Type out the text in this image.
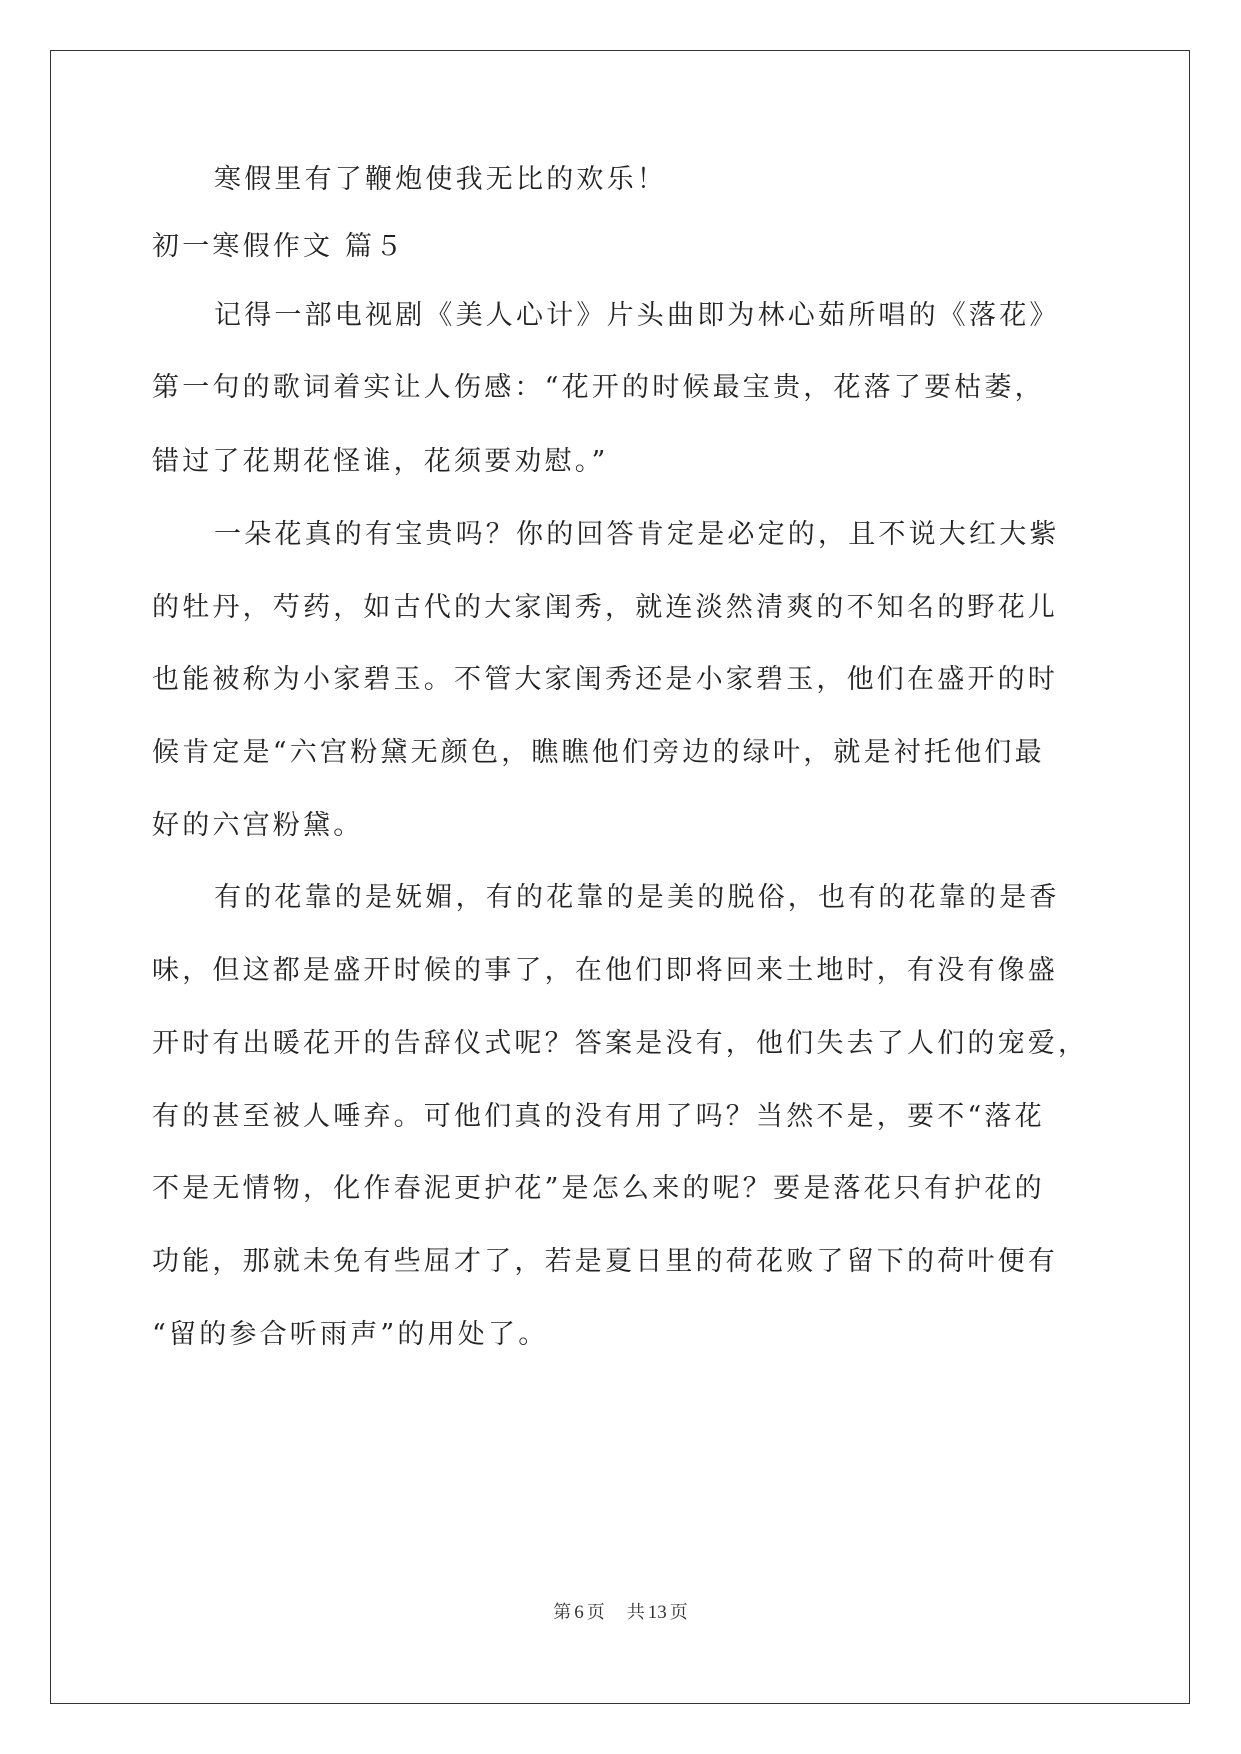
寒假里有了鞭炮使我无比的欢乐！
初一寒假作文 篇５
记得一部电视剧《美人心计》片头曲即为林心茹所唱的《落花》
第一句的歌词着实让人伤感：“花开的时候最宝贵，花落了要枯萎，
错过了花期花怪谁，花须要劝慰。”
一朵花真的有宝贵吗？你的回答肯定是必定的，且不说大红大紫
的牡丹，芍药，如古代的大家闺秀，就连淡然清爽的不知名的野花儿
也能被称为小家碧玉。不管大家闺秀还是小家碧玉，他们在盛开的时
候肯定是“六宫粉黛无颜色，瞧瞧他们旁边的绿叶，就是衬托他们最
好的六宫粉黛。
有的花靠的是妩媚，有的花靠的是美的脱俗，也有的花靠的是香
味，但这都是盛开时候的事了，在他们即将回来土地时，有没有像盛
开时有出暖花开的告辞仪式呢？答案是没有，他们失去了人们的宠爱，
有的甚至被人唾弃。可他们真的没有用了吗？当然不是，要不“落花
不是无情物，化作春泥更护花”是怎么来的呢？要是落花只有护花的
功能，那就未免有些屈才了，若是夏日里的荷花败了留下的荷叶便有
“留的参合听雨声”的用处了。
第 6 页 共 13 页
